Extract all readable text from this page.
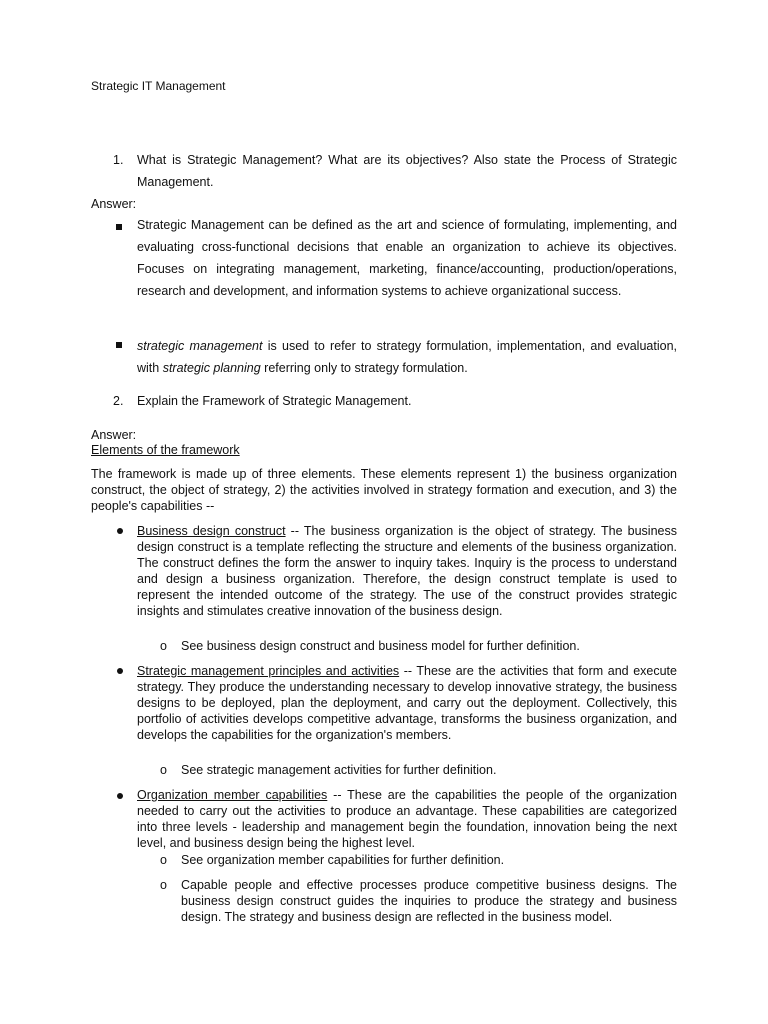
Strategic IT Management

1. What is Strategic Management? What are its objectives? Also state the Process of Strategic Management.

Answer:

Strategic Management can be defined as the art and science of formulating, implementing, and evaluating cross-functional decisions that enable an organization to achieve its objectives. Focuses on integrating management, marketing, finance/accounting, production/operations, research and development, and information systems to achieve organizational success.

strategic management is used to refer to strategy formulation, implementation, and evaluation, with strategic planning referring only to strategy formulation.

2. Explain the Framework of Strategic Management.

Answer:

Elements of the framework

The framework is made up of three elements. These elements represent 1) the business organization construct, the object of strategy, 2) the activities involved in strategy formation and execution, and 3) the people's capabilities --

Business design construct -- The business organization is the object of strategy. The business design construct is a template reflecting the structure and elements of the business organization. The construct defines the form the answer to inquiry takes. Inquiry is the process to understand and design a business organization. Therefore, the design construct template is used to represent the intended outcome of the strategy. The use of the construct provides strategic insights and stimulates creative innovation of the business design.

o See business design construct and business model for further definition.

Strategic management principles and activities -- These are the activities that form and execute strategy. They produce the understanding necessary to develop innovative strategy, the business designs to be deployed, plan the deployment, and carry out the deployment. Collectively, this portfolio of activities develops competitive advantage, transforms the business organization, and develops the capabilities for the organization's members.

o See strategic management activities for further definition.

Organization member capabilities -- These are the capabilities the people of the organization needed to carry out the activities to produce an advantage. These capabilities are categorized into three levels - leadership and management begin the foundation, innovation being the next level, and business design being the highest level.

o See organization member capabilities for further definition.

o Capable people and effective processes produce competitive business designs. The business design construct guides the inquiries to produce the strategy and business design. The strategy and business design are reflected in the business model.
